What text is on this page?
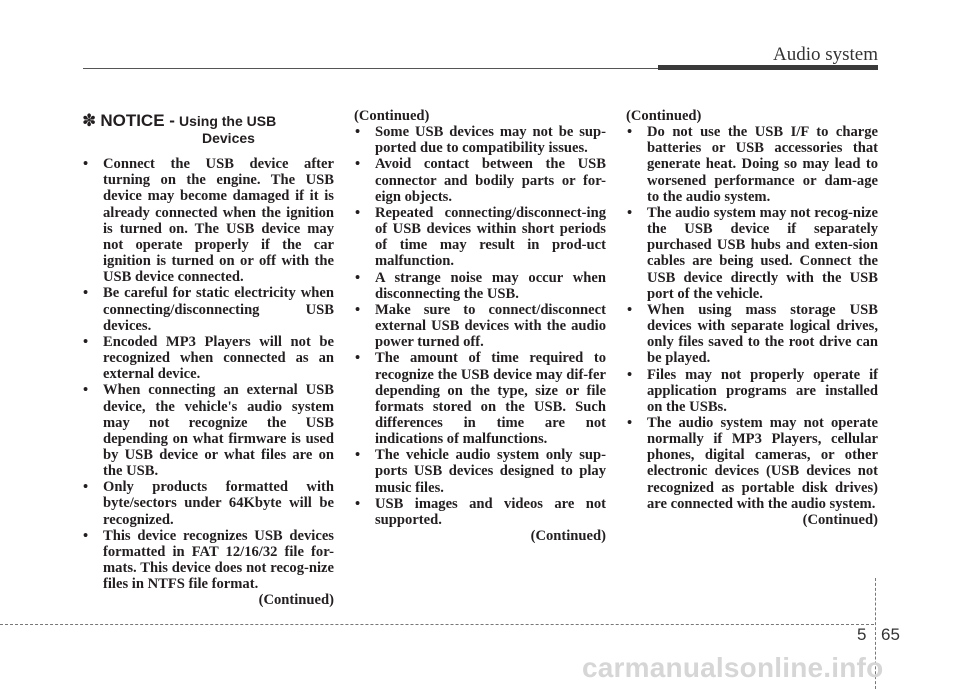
Audio system
✽ NOTICE - Using the USB
Devices
• Connect the USB device after turning on the engine. The USB device may become damaged if it is already connected when the ignition is turned on. The USB device may not operate properly if the car ignition is turned on or off with the USB device connected.
• Be careful for static electricity when connecting/disconnecting USB devices.
• Encoded MP3 Players will not be recognized when connected as an external device.
• When connecting an external USB device, the vehicle's audio system may not recognize the USB depending on what firmware is used by USB device or what files are on the USB.
• Only products formatted with byte/sectors under 64Kbyte will be recognized.
• This device recognizes USB devices formatted in FAT 12/16/32 file for-mats. This device does not recog-nize files in NTFS file format.
(Continued)
(Continued)
• Some USB devices may not be sup-ported due to compatibility issues.
• Avoid contact between the USB connector and bodily parts or for-eign objects.
• Repeated connecting/disconnect-ing of USB devices within short periods of time may result in prod-uct malfunction.
• A strange noise may occur when disconnecting the USB.
• Make sure to connect/disconnect external USB devices with the audio power turned off.
• The amount of time required to recognize the USB device may dif-fer depending on the type, size or file formats stored on the USB. Such differences in time are not indications of malfunctions.
• The vehicle audio system only sup-ports USB devices designed to play music files.
• USB images and videos are not supported.
(Continued)
(Continued)
• Do not use the USB I/F to charge batteries or USB accessories that generate heat. Doing so may lead to worsened performance or dam-age to the audio system.
• The audio system may not recog-nize the USB device if separately purchased USB hubs and exten-sion cables are being used. Connect the USB device directly with the USB port of the vehicle.
• When using mass storage USB devices with separate logical drives, only files saved to the root drive can be played.
• Files may not properly operate if application programs are installed on the USBs.
• The audio system may not operate normally if MP3 Players, cellular phones, digital cameras, or other electronic devices (USB devices not recognized as portable disk drives) are connected with the audio system.
(Continued)
5 65
carmanualsonline.info
